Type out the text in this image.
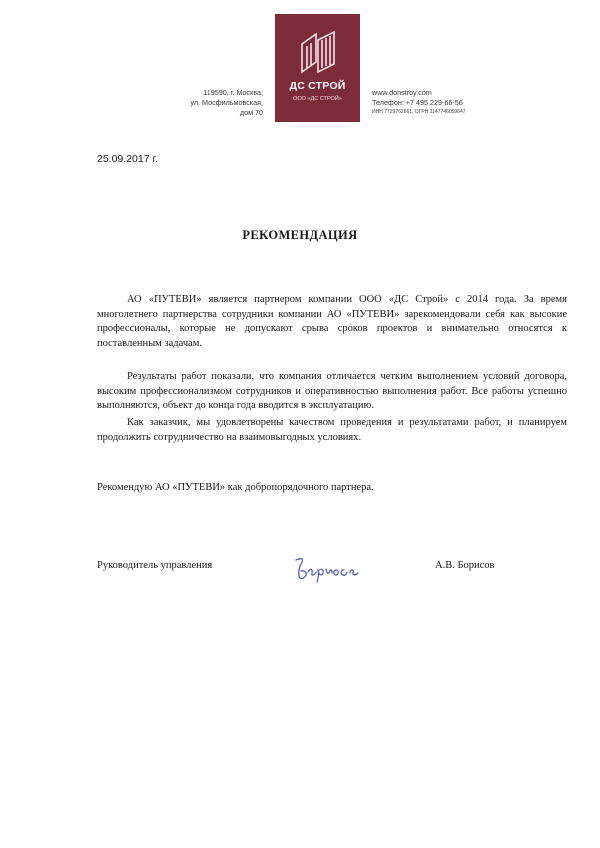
119590, г. Москва,
ул. Мосфильмовская,
дом 70
ДС СТРОЙ
ООО «ДС СТРОЙ»
www.donstroy.com
Телефон: +7 495 229-66-56
ИНН 7729762661, ОГРН 1147746059647
25.09.2017 г.
РЕКОМЕНДАЦИЯ
АО «ПУТЕВИ» является партнером компании ООО «ДС Строй» с 2014 года. За время многолетнего партнерства сотрудники компании АО «ПУТЕВИ» зарекомендовали себя как высокие профессионалы, которые не допускают срыва сроков проектов и внимательно относятся к поставленным задачам.
Результаты работ показали, что компания отличается четким выполнением условий договора, высоким профессионализмом сотрудников и оперативностью выполнения работ. Все работы успешно выполняются, объект до конца года вводится в эксплуатацию.
Как заказчик, мы удовлетворены качеством проведения и результатами работ, и планируем продолжить сотрудничество на взаимовыгодных условиях.
Рекомендую АО «ПУТЕВИ» как добропорядочного партнера.
Руководитель управления	А.В. Борисов
